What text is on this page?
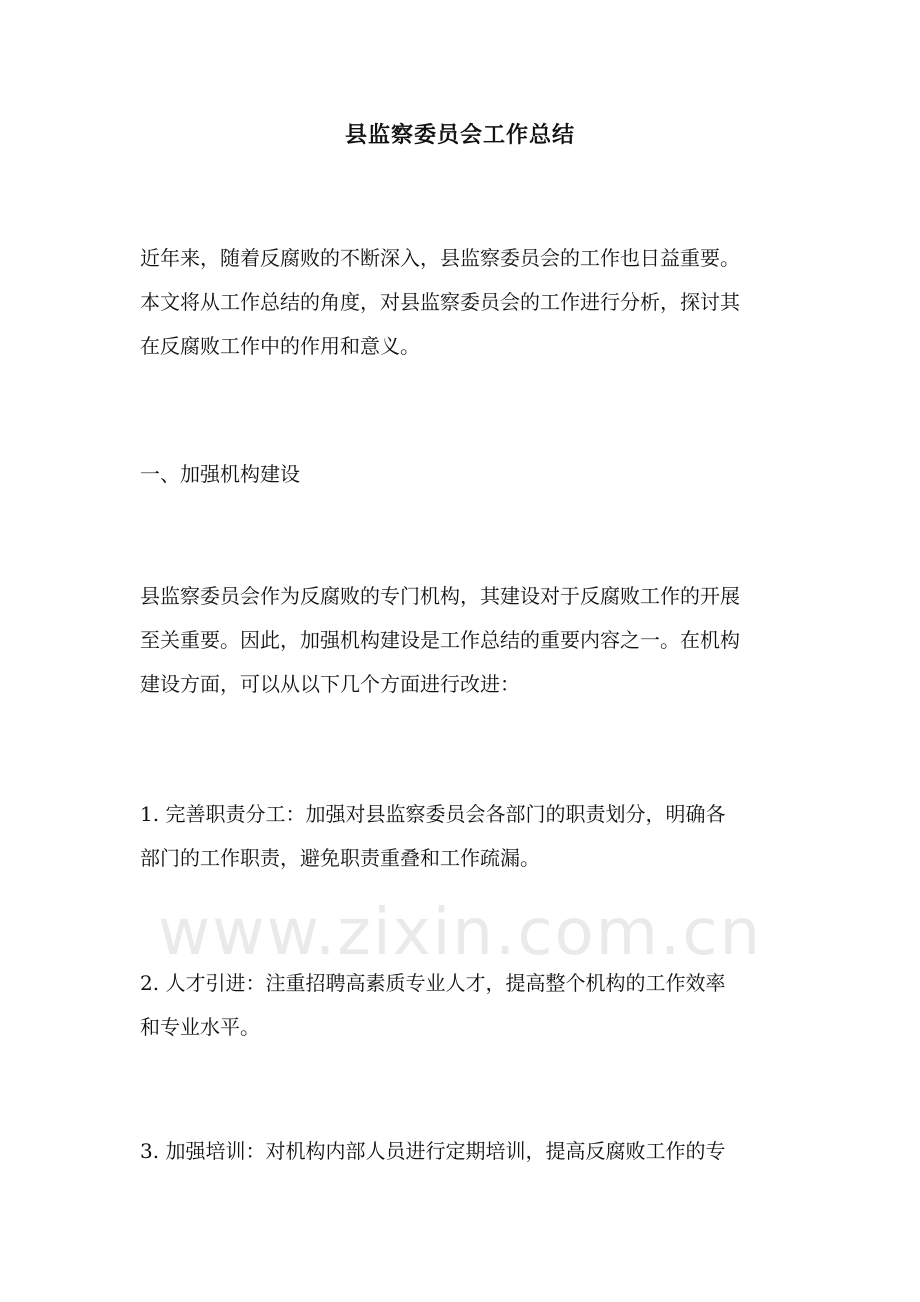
县监察委员会工作总结

近年来，随着反腐败的不断深入，县监察委员会的工作也日益重要。
本文将从工作总结的角度，对县监察委员会的工作进行分析，探讨其
在反腐败工作中的作用和意义。

一、加强机构建设

县监察委员会作为反腐败的专门机构，其建设对于反腐败工作的开展
至关重要。因此，加强机构建设是工作总结的重要内容之一。在机构
建设方面，可以从以下几个方面进行改进：

1. 完善职责分工：加强对县监察委员会各部门的职责划分，明确各
部门的工作职责，避免职责重叠和工作疏漏。

2. 人才引进：注重招聘高素质专业人才，提高整个机构的工作效率
和专业水平。

3. 加强培训：对机构内部人员进行定期培训，提高反腐败工作的专

www.zixin.com.cn
